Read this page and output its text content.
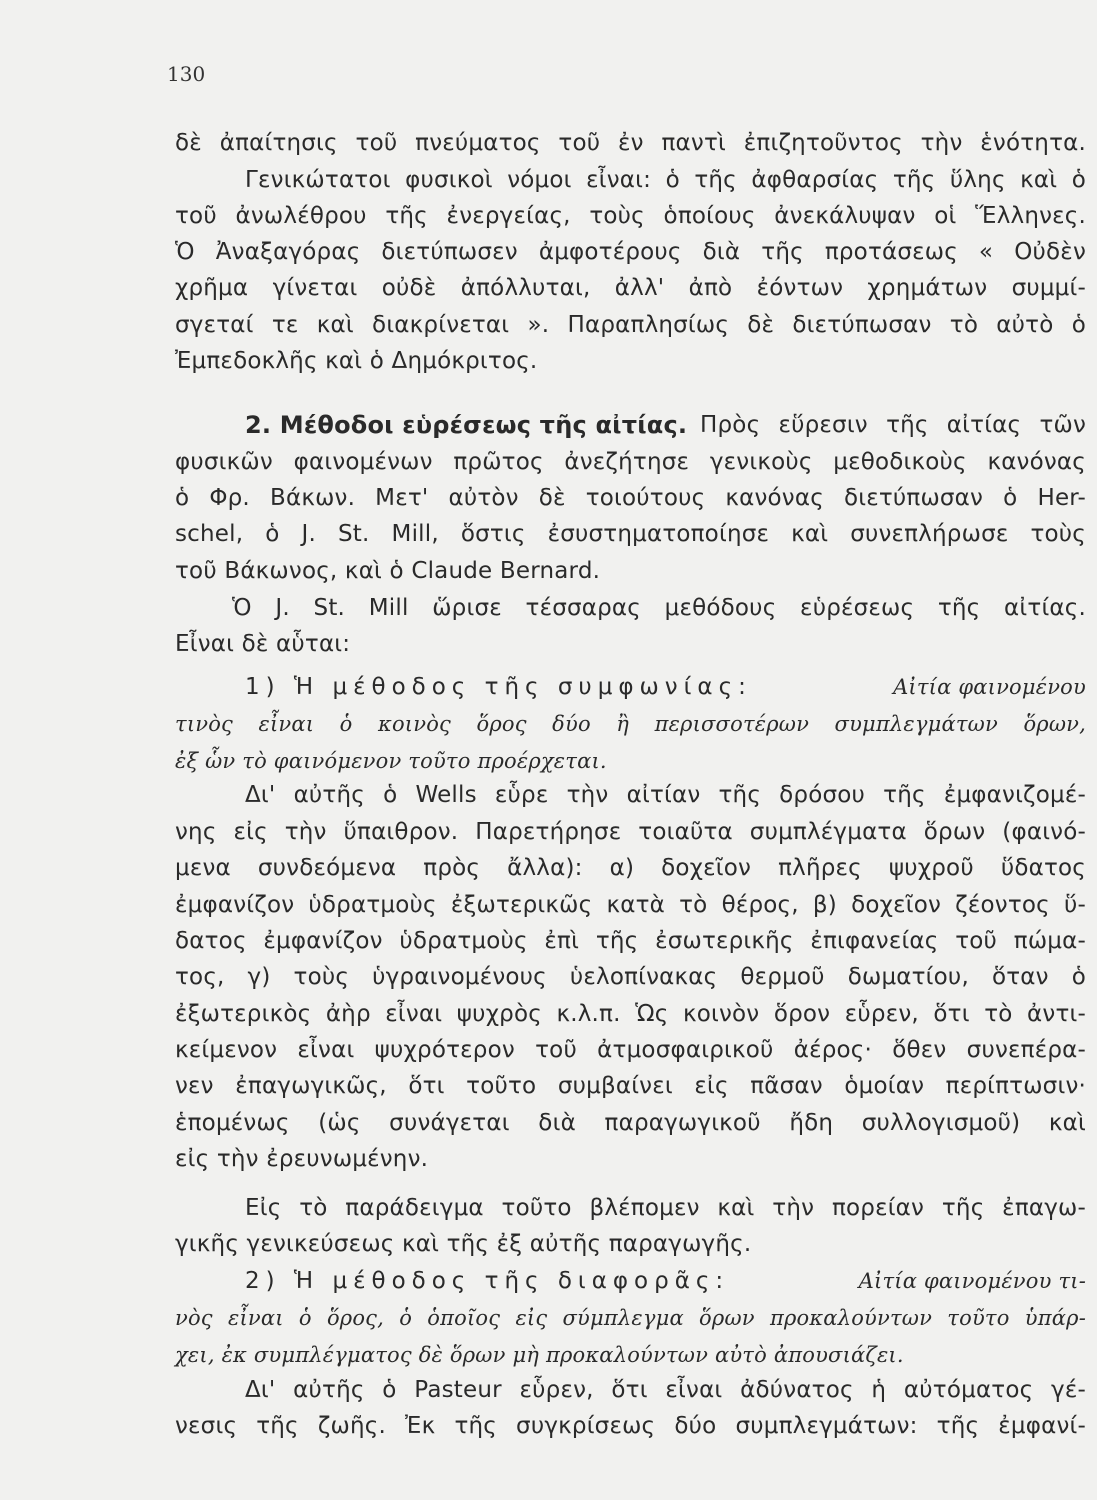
130
δὲ ἀπαίτησις τοῦ πνεύματος τοῦ ἐν παντὶ ἐπιζητοῦντος τὴν ἑνότητα.
Γενικώτατοι φυσικοὶ νόμοι εἶναι: ὁ τῆς ἀφθαρσίας τῆς ὕλης καὶ ὁ
τοῦ ἀνωλέθρου τῆς ἐνεργείας, τοὺς ὁποίους ἀνεκάλυψαν οἱ Ἕλληνες.
Ὁ Ἀναξαγόρας διετύπωσεν ἀμφοτέρους διὰ τῆς προτάσεως « Οὐδὲν
χρῆμα γίνεται οὐδὲ ἀπόλλυται, ἀλλ' ἀπὸ ἐόντων χρημάτων συμμί-
σγεταί τε καὶ διακρίνεται ». Παραπλησίως δὲ διετύπωσαν τὸ αὐτὸ ὁ
Ἐμπεδοκλῆς καὶ ὁ Δημόκριτος.
2. Μέθοδοι εὑρέσεως τῆς αἰτίας. Πρὸς εὕρεσιν τῆς αἰτίας τῶν
φυσικῶν φαινομένων πρῶτος ἀνεζήτησε γενικοὺς μεθοδικοὺς κανόνας
ὁ Φρ. Βάκων. Μετ' αὐτὸν δὲ τοιούτους κανόνας διετύπωσαν ὁ Her-
schel, ὁ J. St. Mill, ὅστις ἐσυστηματοποίησε καὶ συνεπλήρωσε τοὺς
τοῦ Βάκωνος, καὶ ὁ Claude Bernard.
Ὁ J. St. Mill ὥρισε τέσσαρας μεθόδους εὑρέσεως τῆς αἰτίας.
Εἶναι δὲ αὗται:
1) Ἡ μέθοδος τῆς συμφωνίας:	Αἰτία φαινομένου
τινὸς εἶναι ὁ κοινὸς ὅρος δύο ἢ περισσοτέρων συμπλεγμάτων ὅρων,
ἐξ ὧν τὸ φαινόμενον τοῦτο προέρχεται.
Δι' αὐτῆς ὁ Wells εὗρε τὴν αἰτίαν τῆς δρόσου τῆς ἐμφανιζομέ-
νης εἰς τὴν ὕπαιθρον. Παρετήρησε τοιαῦτα συμπλέγματα ὅρων (φαινό-
μενα συνδεόμενα πρὸς ἄλλα): α) δοχεῖον πλῆρες ψυχροῦ ὕδατος
ἐμφανίζον ὑδρατμοὺς ἐξωτερικῶς κατὰ τὸ θέρος, β) δοχεῖον ζέοντος ὕ-
δατος ἐμφανίζον ὑδρατμοὺς ἐπὶ τῆς ἐσωτερικῆς ἐπιφανείας τοῦ πώμα-
τος, γ) τοὺς ὑγραινομένους ὑελοπίνακας θερμοῦ δωματίου, ὅταν ὁ
ἐξωτερικὸς ἀὴρ εἶναι ψυχρὸς κ.λ.π. Ὡς κοινὸν ὅρον εὗρεν, ὅτι τὸ ἀντι-
κείμενον εἶναι ψυχρότερον τοῦ ἀτμοσφαιρικοῦ ἀέρος· ὅθεν συνεπέρα-
νεν ἐπαγωγικῶς, ὅτι τοῦτο συμβαίνει εἰς πᾶσαν ὁμοίαν περίπτωσιν·
ἑπομένως (ὡς συνάγεται διὰ παραγωγικοῦ ἤδη συλλογισμοῦ) καὶ
εἰς τὴν ἐρευνωμένην.
Εἰς τὸ παράδειγμα τοῦτο βλέπομεν καὶ τὴν πορείαν τῆς ἐπαγω-
γικῆς γενικεύσεως καὶ τῆς ἐξ αὐτῆς παραγωγῆς.
2) Ἡ μέθοδος τῆς διαφορᾶς:	Αἰτία φαινομένου τι-
νὸς εἶναι ὁ ὅρος, ὁ ὁποῖος εἰς σύμπλεγμα ὅρων προκαλούντων τοῦτο ὑπάρ-
χει, ἐκ συμπλέγματος δὲ ὅρων μὴ προκαλούντων αὐτὸ ἀπουσιάζει.
Δι' αὐτῆς ὁ Pasteur εὗρεν, ὅτι εἶναι ἀδύνατος ἡ αὐτόματος γέ-
νεσις τῆς ζωῆς. Ἐκ τῆς συγκρίσεως δύο συμπλεγμάτων: τῆς ἐμφανί-
